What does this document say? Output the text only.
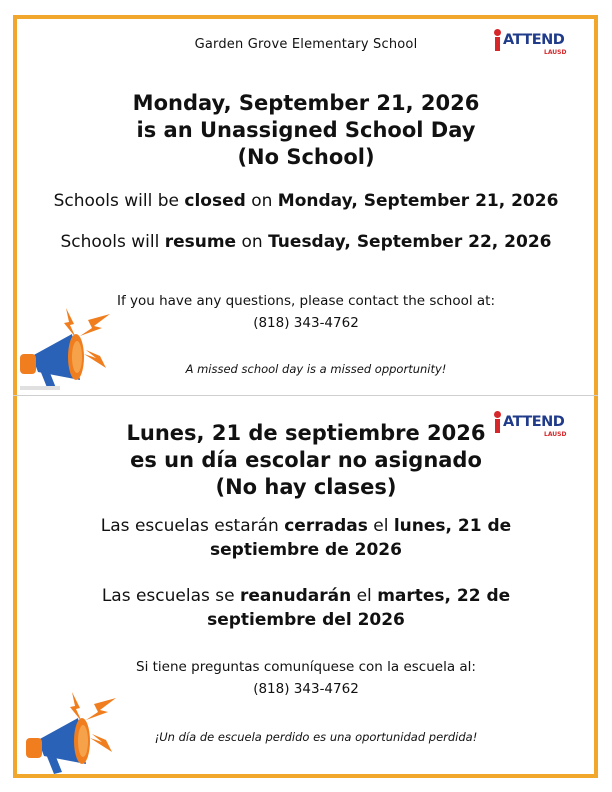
Garden Grove Elementary School	ATTEND
LAUSD
Monday, September 21, 2026
is an Unassigned School Day
(No School)
Schools will be closed on Monday, September 21, 2026
Schools will resume on Tuesday, September 22, 2026
If you have any questions, please contact the school at:
(818) 343-4762
A missed school day is a missed opportunity!
ATTEND
LAUSD
Lunes, 21 de septiembre 2026
es un día escolar no asignado
(No hay clases)
Las escuelas estarán cerradas el lunes, 21 de septiembre de 2026
Las escuelas se reanudarán el martes, 22 de septiembre del 2026
Si tiene preguntas comuníquese con la escuela al:
(818) 343-4762
¡Un día de escuela perdido es una oportunidad perdida!
